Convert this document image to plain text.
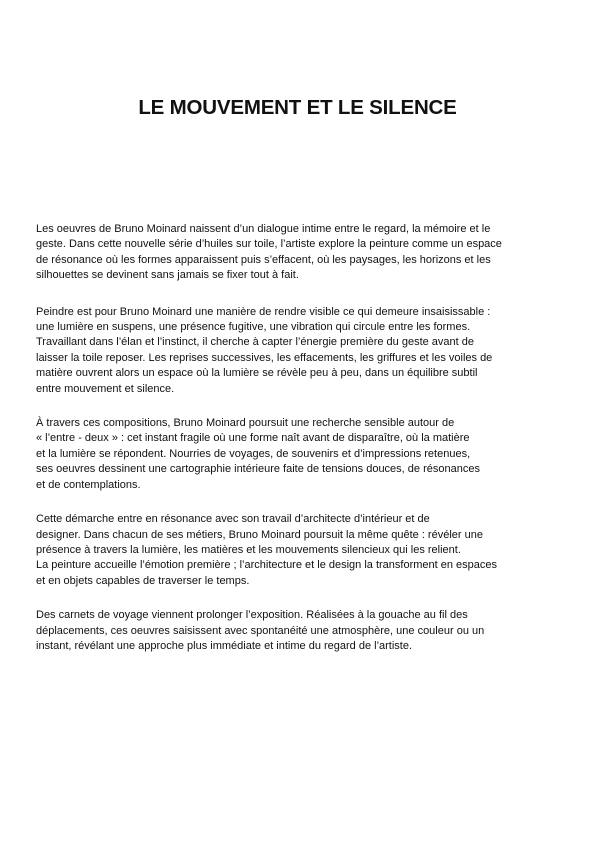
LE MOUVEMENT ET LE SILENCE

Les oeuvres de Bruno Moinard naissent d’un dialogue intime entre le regard, la mémoire et le
geste. Dans cette nouvelle série d’huiles sur toile, l’artiste explore la peinture comme un espace
de résonance où les formes apparaissent puis s’effacent, où les paysages, les horizons et les
silhouettes se devinent sans jamais se fixer tout à fait.

Peindre est pour Bruno Moinard une manière de rendre visible ce qui demeure insaisissable :
une lumière en suspens, une présence fugitive, une vibration qui circule entre les formes.
Travaillant dans l’élan et l’instinct, il cherche à capter l’énergie première du geste avant de
laisser la toile reposer. Les reprises successives, les effacements, les griffures et les voiles de
matière ouvrent alors un espace où la lumière se révèle peu à peu, dans un équilibre subtil
entre mouvement et silence.

À travers ces compositions, Bruno Moinard poursuit une recherche sensible autour de
« l’entre - deux » : cet instant fragile où une forme naît avant de disparaître, où la matière
et la lumière se répondent. Nourries de voyages, de souvenirs et d’impressions retenues,
ses oeuvres dessinent une cartographie intérieure faite de tensions douces, de résonances
et de contemplations.

Cette démarche entre en résonance avec son travail d’architecte d’intérieur et de
designer. Dans chacun de ses métiers, Bruno Moinard poursuit la même quête : révéler une
présence à travers la lumière, les matières et les mouvements silencieux qui les relient.
La peinture accueille l’émotion première ; l’architecture et le design la transforment en espaces
et en objets capables de traverser le temps.

Des carnets de voyage viennent prolonger l’exposition. Réalisées à la gouache au fil des
déplacements, ces oeuvres saisissent avec spontanéité une atmosphère, une couleur ou un
instant, révélant une approche plus immédiate et intime du regard de l’artiste.
